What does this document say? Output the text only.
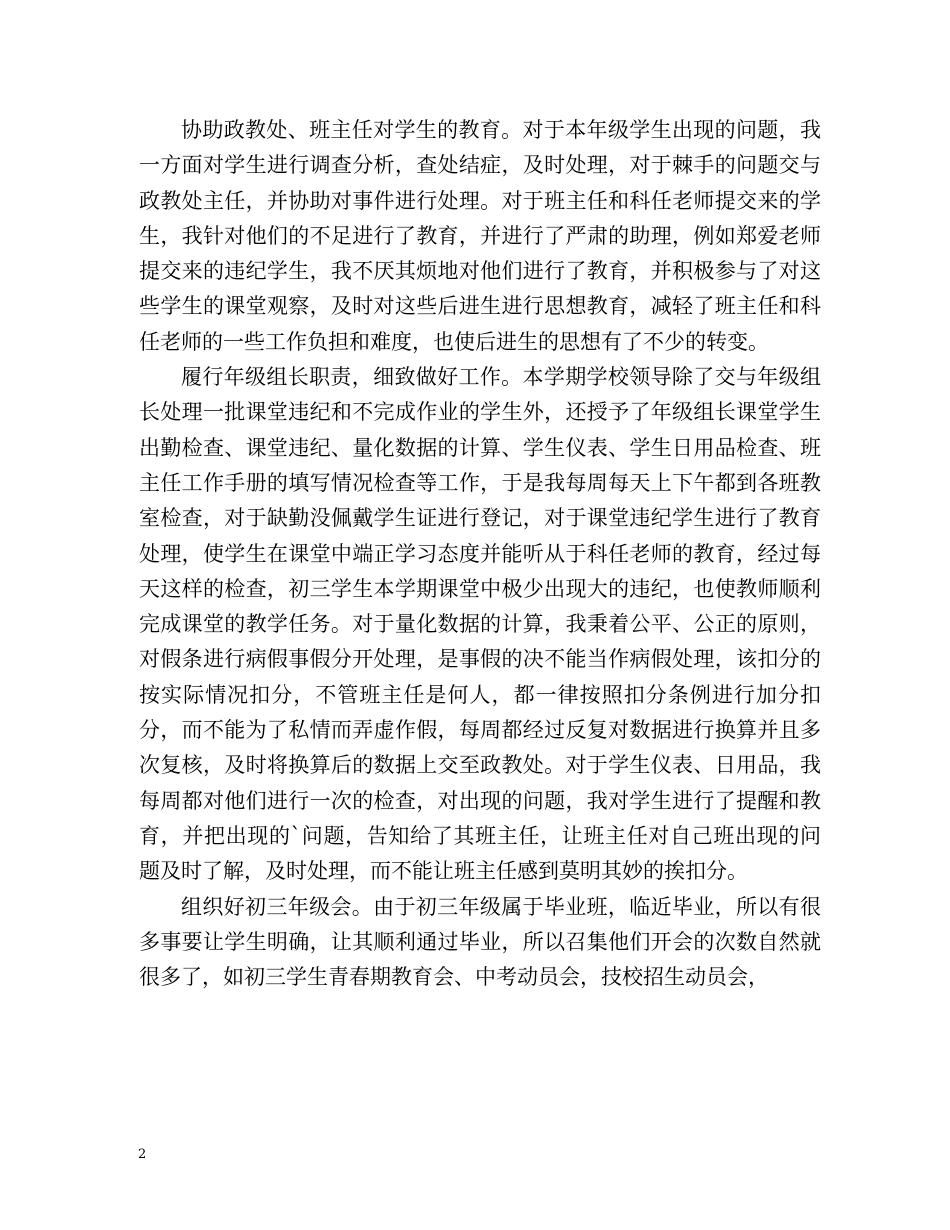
协助政教处、班主任对学生的教育。对于本年级学生出现的问题，我一方面对学生进行调查分析，查处结症，及时处理，对于棘手的问题交与政教处主任，并协助对事件进行处理。对于班主任和科任老师提交来的学生，我针对他们的不足进行了教育，并进行了严肃的助理，例如郑爱老师提交来的违纪学生，我不厌其烦地对他们进行了教育，并积极参与了对这些学生的课堂观察，及时对这些后进生进行思想教育，减轻了班主任和科任老师的一些工作负担和难度，也使后进生的思想有了不少的转变。

履行年级组长职责，细致做好工作。本学期学校领导除了交与年级组长处理一批课堂违纪和不完成作业的学生外，还授予了年级组长课堂学生出勤检查、课堂违纪、量化数据的计算、学生仪表、学生日用品检查、班主任工作手册的填写情况检查等工作，于是我每周每天上下午都到各班教室检查，对于缺勤没佩戴学生证进行登记，对于课堂违纪学生进行了教育处理，使学生在课堂中端正学习态度并能听从于科任老师的教育，经过每天这样的检查，初三学生本学期课堂中极少出现大的违纪，也使教师顺利完成课堂的教学任务。对于量化数据的计算，我秉着公平、公正的原则，对假条进行病假事假分开处理，是事假的决不能当作病假处理，该扣分的按实际情况扣分，不管班主任是何人，都一律按照扣分条例进行加分扣分，而不能为了私情而弄虚作假，每周都经过反复对数据进行换算并且多次复核，及时将换算后的数据上交至政教处。对于学生仪表、日用品，我每周都对他们进行一次的检查，对出现的问题，我对学生进行了提醒和教育，并把出现的`问题，告知给了其班主任，让班主任对自己班出现的问题及时了解，及时处理，而不能让班主任感到莫明其妙的挨扣分。

组织好初三年级会。由于初三年级属于毕业班，临近毕业，所以有很多事要让学生明确，让其顺利通过毕业，所以召集他们开会的次数自然就很多了，如初三学生青春期教育会、中考动员会，技校招生动员会，

2
